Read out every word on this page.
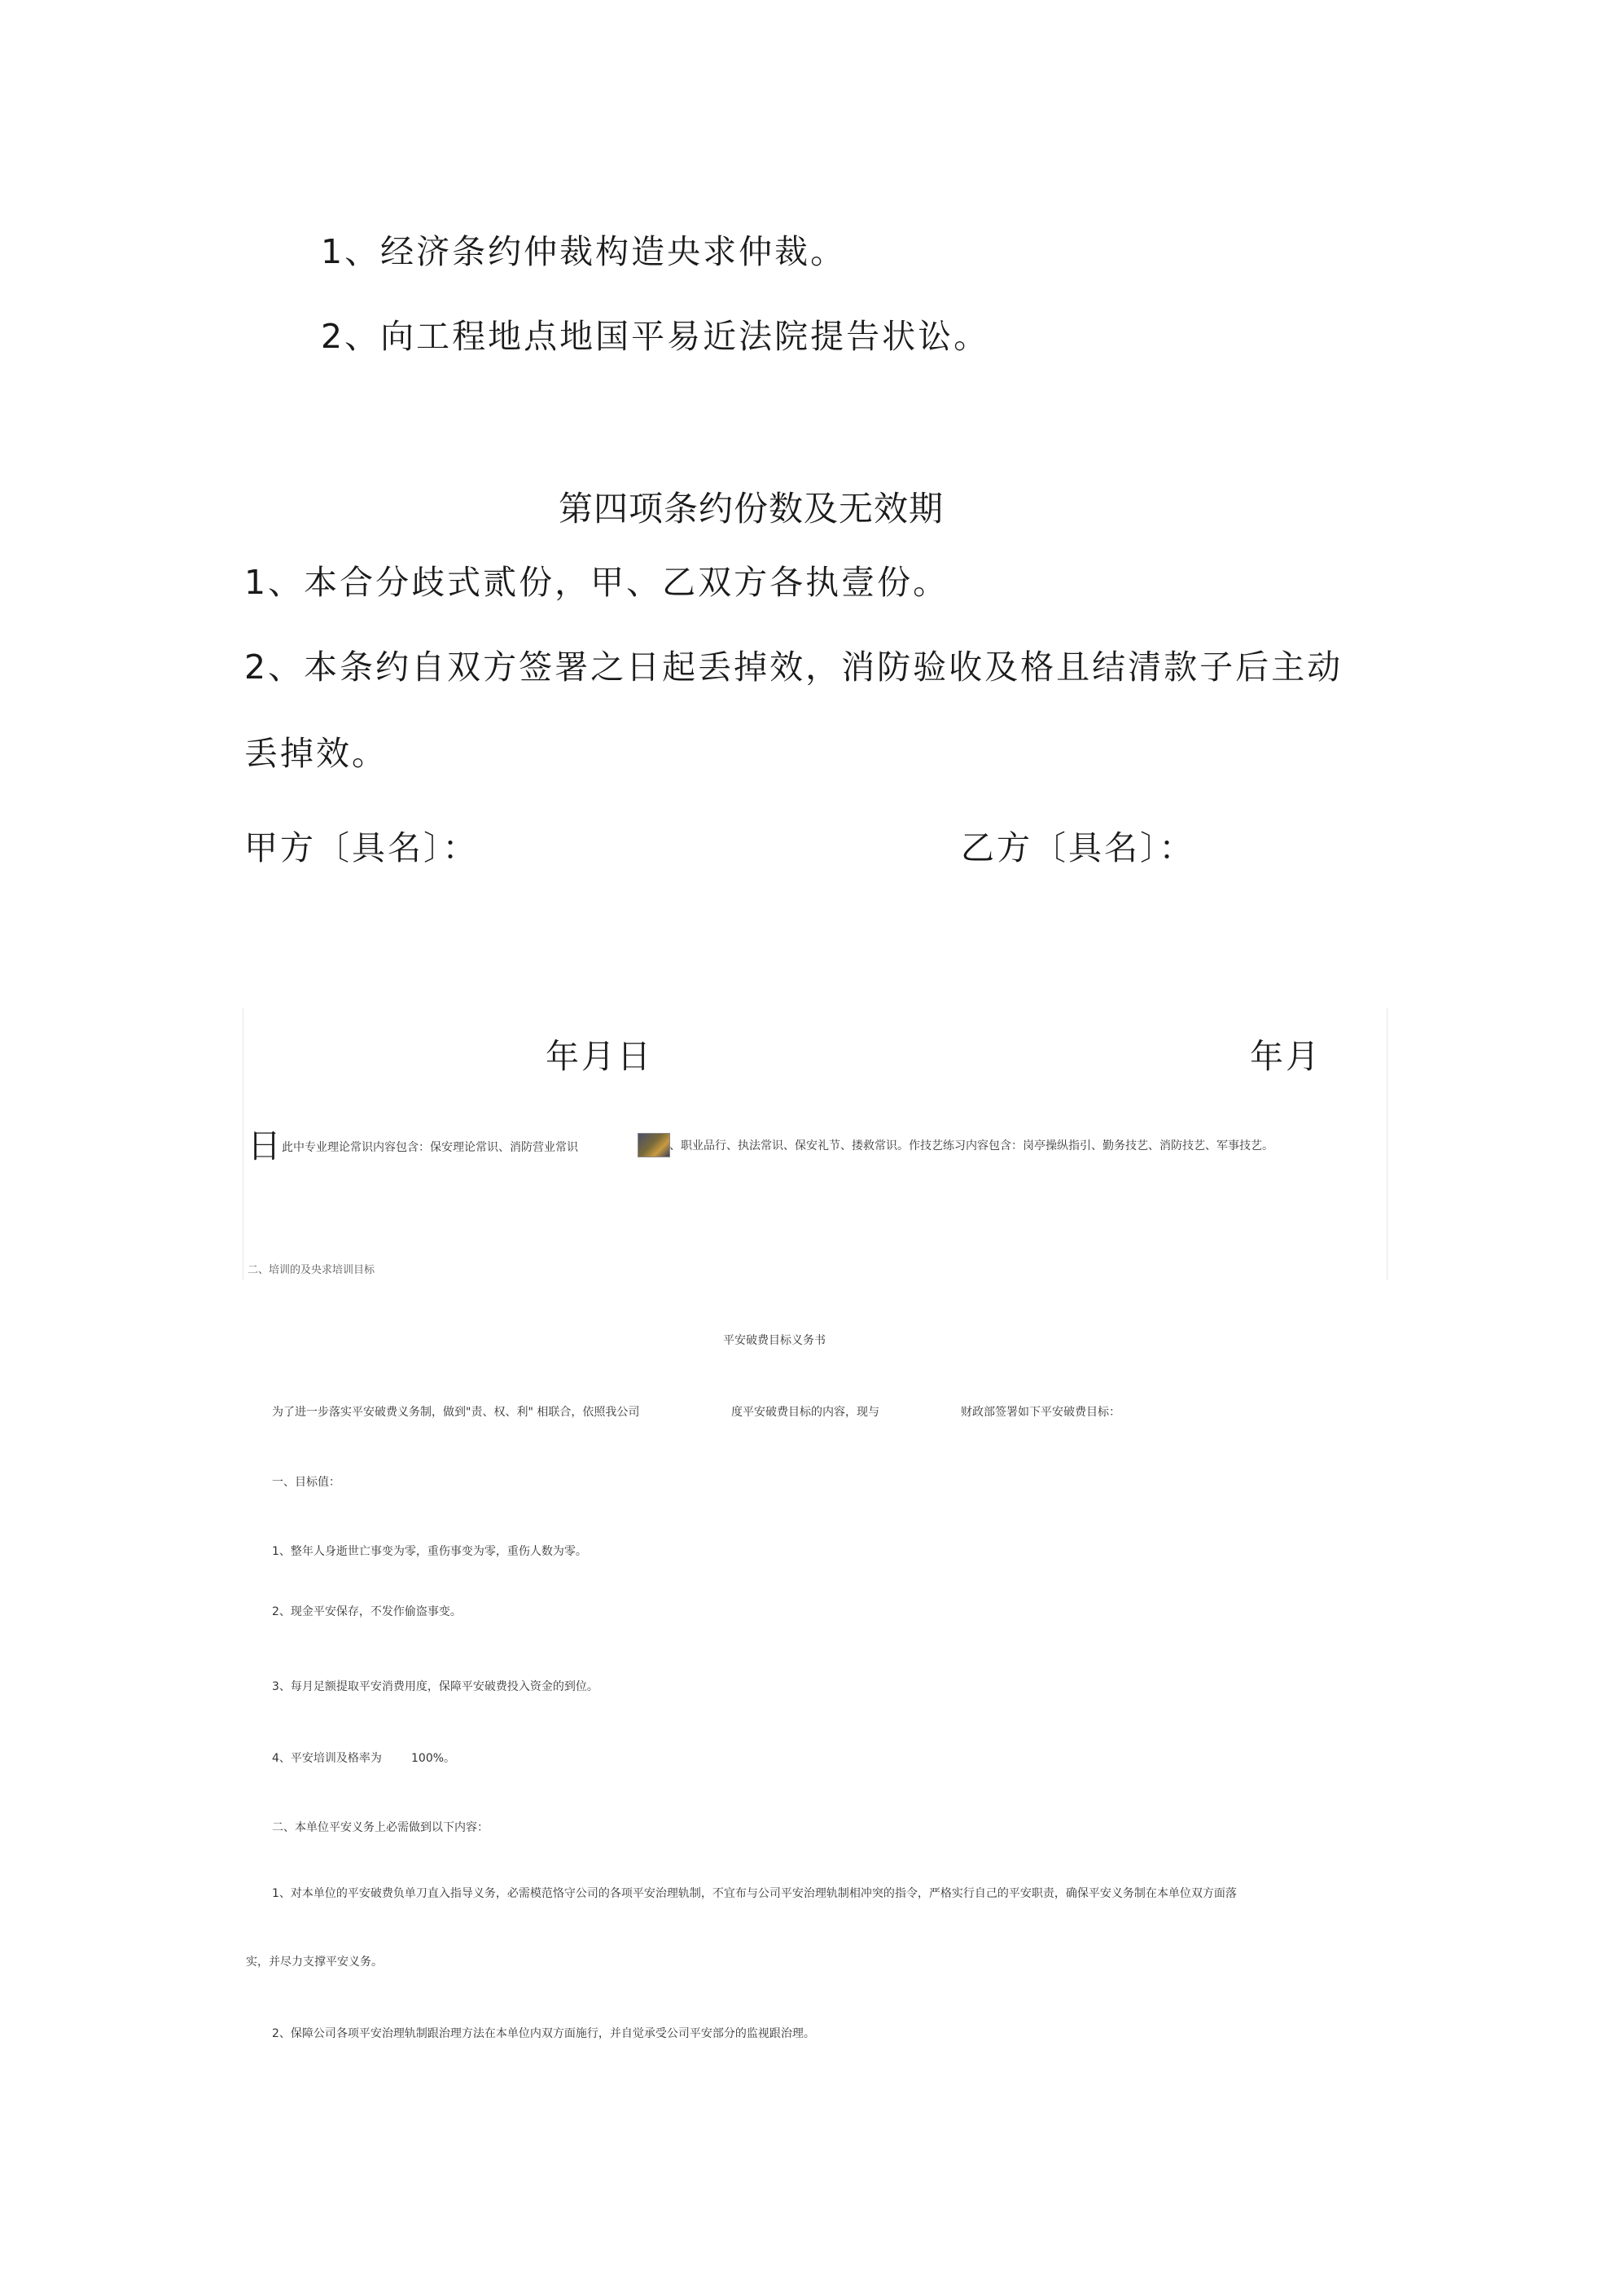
1、经济条约仲裁构造央求仲裁。
2、向工程地点地国平易近法院提告状讼。
第四项条约份数及无效期
1、本合分歧式贰份，甲、乙双方各执壹份。
2、本条约自双方签署之日起丢掉效，消防验收及格且结清款子后主动
丢掉效。
甲方〔具名〕：	乙方〔具名〕：
年月日	年月
日
此中专业理论常识内容包含：保安理论常识、消防营业常识	、职业品行、执法常识、保安礼节、搂救常识。作技艺练习内容包含：岗亭操纵指引、勤务技艺、消防技艺、军事技艺。
二、培训的及央求培训目标
平安破费目标义务书
为了进一步落实平安破费义务制，做到"责、权、利" 相联合，依照我公司	度平安破费目标的内容，现与	财政部签署如下平安破费目标：
一、目标值：
1、整年人身逝世亡事变为零，重伤事变为零，重伤人数为零。
2、现金平安保存，不发作偷盗事变。
3、每月足额提取平安消费用度，保障平安破费投入资金的到位。
4、平安培训及格率为	100%。
二、本单位平安义务上必需做到以下内容：
1、对本单位的平安破费负单刀直入指导义务，必需模范恪守公司的各项平安治理轨制，不宜布与公司平安治理轨制相冲突的指令，严格实行自己的平安职责，确保平安义务制在本单位双方面落
实，并尽力支撑平安义务。
2、保障公司各项平安治理轨制跟治理方法在本单位内双方面施行，并自觉承受公司平安部分的监视跟治理。
